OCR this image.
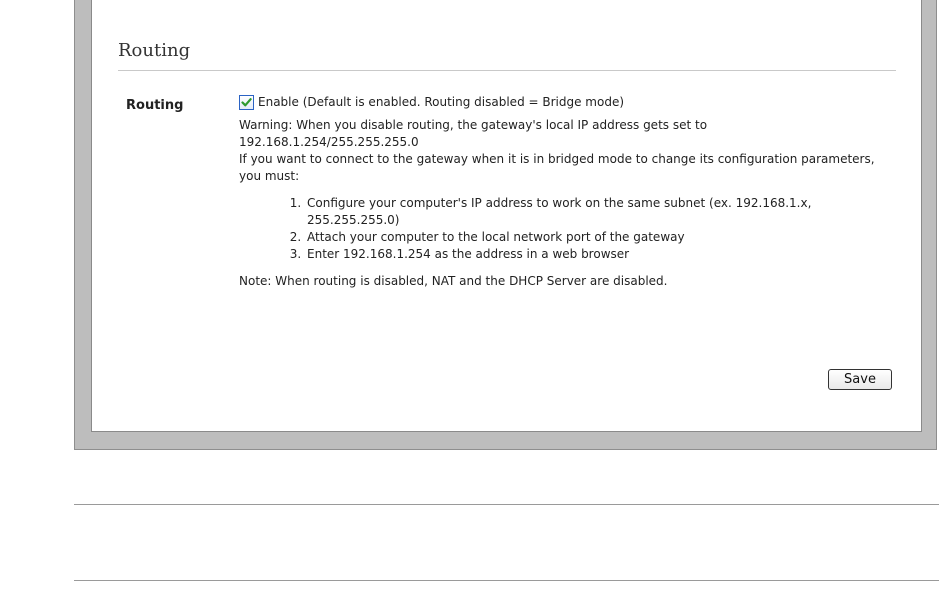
Routing
Routing	Enable (Default is enabled. Routing disabled = Bridge mode)

Warning: When you disable routing, the gateway's local IP address gets set to
192.168.1.254/255.255.255.0
If you want to connect to the gateway when it is in bridged mode to change its configuration parameters, you must:

1. Configure your computer's IP address to work on the same subnet (ex. 192.168.1.x, 255.255.255.0)
2. Attach your computer to the local network port of the gateway
3. Enter 192.168.1.254 as the address in a web browser

Note: When routing is disabled, NAT and the DHCP Server are disabled.

Save
